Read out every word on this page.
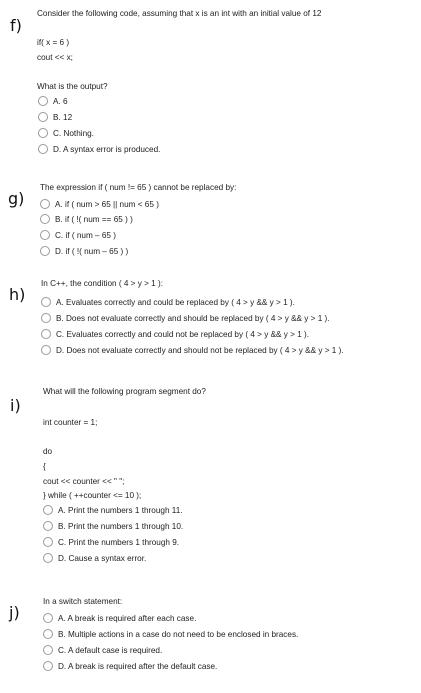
f)
Consider the following code, assuming that x is an int with an initial value of 12
if( x = 6 )
cout << x;
What is the output?
A. 6
B. 12
C. Nothing.
D. A syntax error is produced.
g)
The expression if ( num != 65 ) cannot be replaced by:
A. if ( num > 65 || num < 65 )
B. if ( !( num == 65 ) )
C. if ( num – 65 )
D. if ( !( num – 65 ) )
h)
In C++, the condition ( 4 > y > 1 ):
A. Evaluates correctly and could be replaced by ( 4 > y && y > 1 ).
B. Does not evaluate correctly and should be replaced by ( 4 > y && y > 1 ).
C. Evaluates correctly and could not be replaced by ( 4 > y && y > 1 ).
D. Does not evaluate correctly and should not be replaced by ( 4 > y && y > 1 ).
i)
What will the following program segment do?
int counter = 1;
do
{
cout << counter << " ";
} while ( ++counter <= 10 );
A. Print the numbers 1 through 11.
B. Print the numbers 1 through 10.
C. Print the numbers 1 through 9.
D. Cause a syntax error.
j)
In a switch statement:
A. A break is required after each case.
B. Multiple actions in a case do not need to be enclosed in braces.
C. A default case is required.
D. A break is required after the default case.
